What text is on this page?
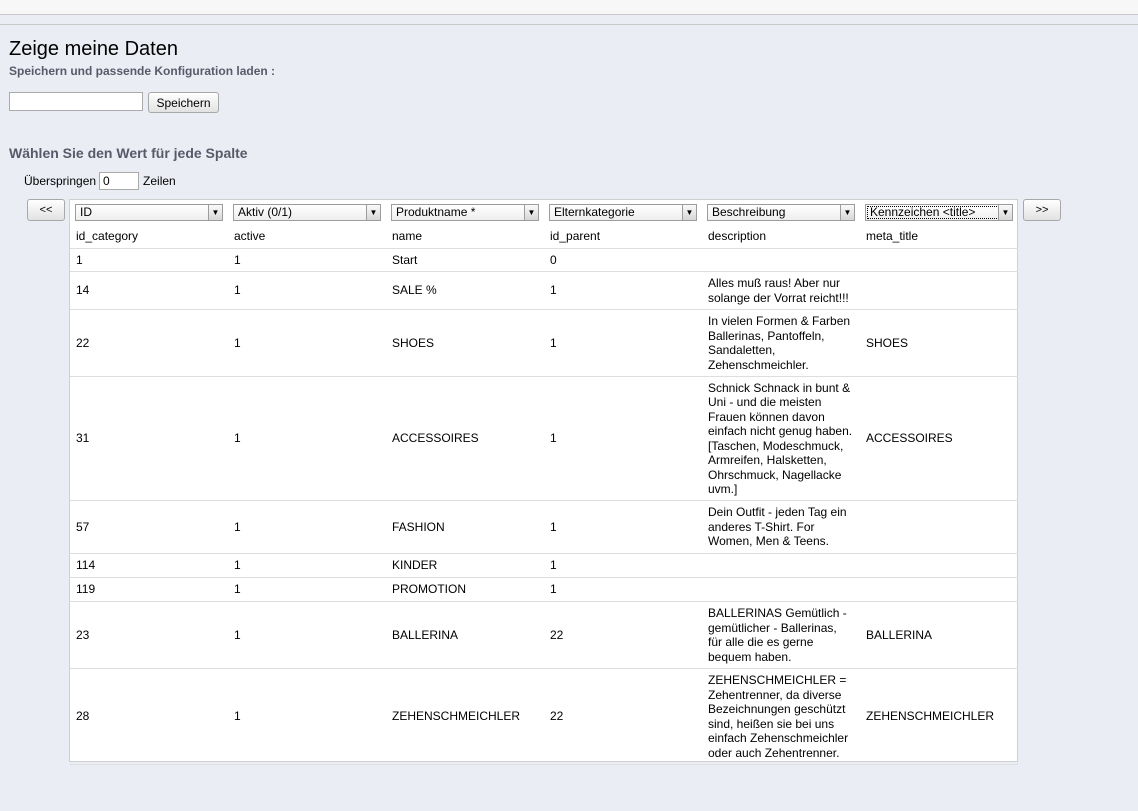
Zeige meine Daten
Speichern und passende Konfiguration laden :
Speichern
Wählen Sie den Wert für jede Spalte
Überspringen
0	Zeilen
<<	>>
ID ▼	Aktiv (0/1) ▼	Produktname * ▼	Elternkategorie ▼	Beschreibung ▼	Kennzeichen <title> ▼

id_category	active	name	id_parent	description	meta_title
1	1	Start	0		
14	1	SALE %	1	Alles muß raus! Aber nur solange der Vorrat reicht!!!	
22	1	SHOES	1	In vielen Formen & Farben Ballerinas, Pantoffeln, Sandaletten, Zehenschmeichler.	SHOES
31	1	ACCESSOIRES	1	Schnick Schnack in bunt & Uni - und die meisten Frauen können davon einfach nicht genug haben. [Taschen, Modeschmuck, Armreifen, Halsketten, Ohrschmuck, Nagellacke uvm.]	ACCESSOIRES
57	1	FASHION	1	Dein Outfit - jeden Tag ein anderes T-Shirt. For Women, Men & Teens.	
114	1	KINDER	1		
119	1	PROMOTION	1		
23	1	BALLERINA	22	BALLERINAS Gemütlich - gemütlicher - Ballerinas, für alle die es gerne bequem haben.	BALLERINA
28	1	ZEHENSCHMEICHLER	22	ZEHENSCHMEICHLER = Zehentrenner, da diverse Bezeichnungen geschützt sind, heißen sie bei uns einfach Zehenschmeichler oder auch Zehentrenner.	ZEHENSCHMEICHLER
